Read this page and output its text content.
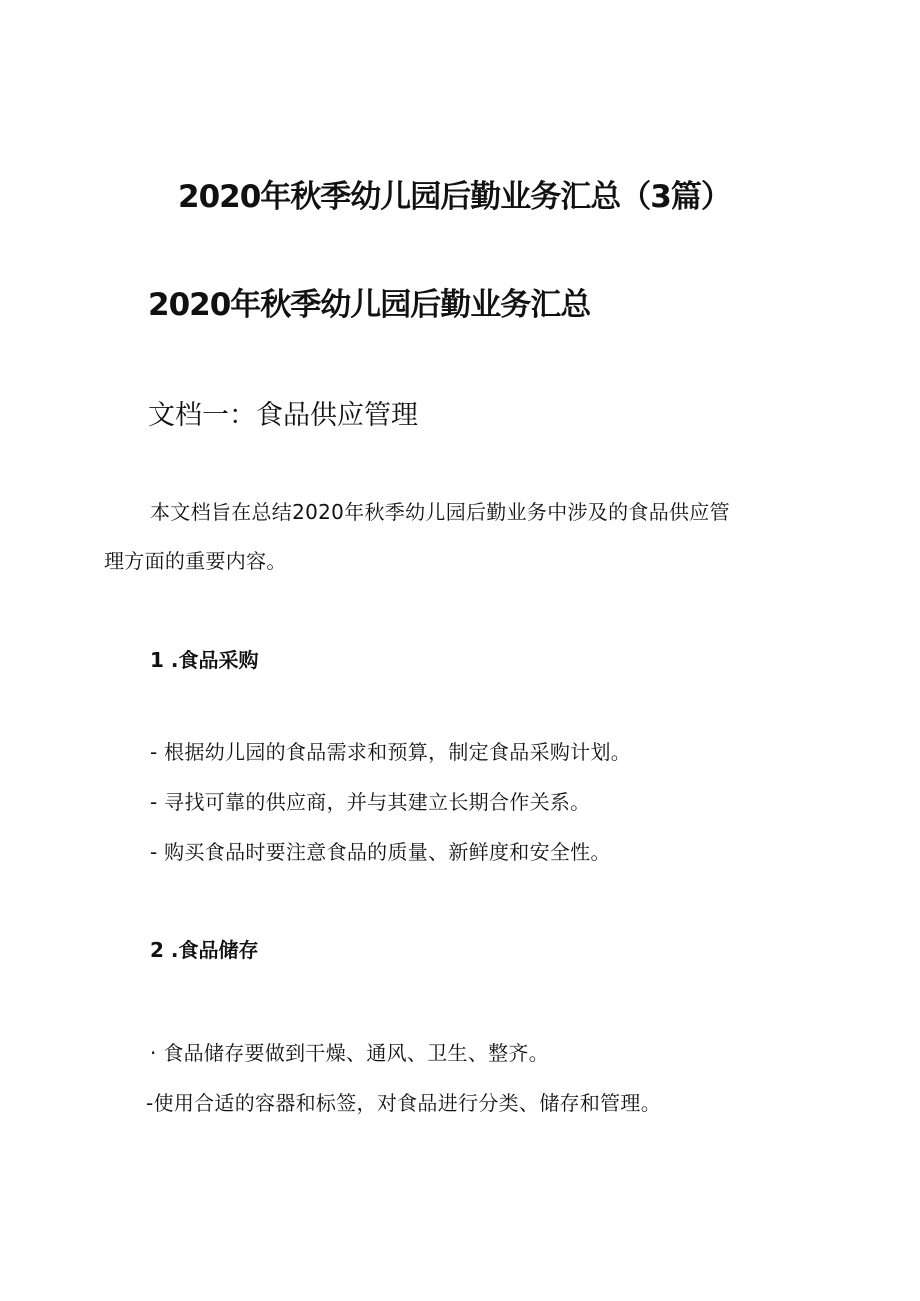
2020年秋季幼儿园后勤业务汇总（3篇）
2020年秋季幼儿园后勤业务汇总
文档一：食品供应管理
本文档旨在总结2020年秋季幼儿园后勤业务中涉及的食品供应管
理方面的重要内容。
1 .食品采购
- 根据幼儿园的食品需求和预算，制定食品采购计划。
- 寻找可靠的供应商，并与其建立长期合作关系。
- 购买食品时要注意食品的质量、新鲜度和安全性。
2 .食品储存
· 食品储存要做到干燥、通风、卫生、整齐。
-使用合适的容器和标签，对食品进行分类、储存和管理。
